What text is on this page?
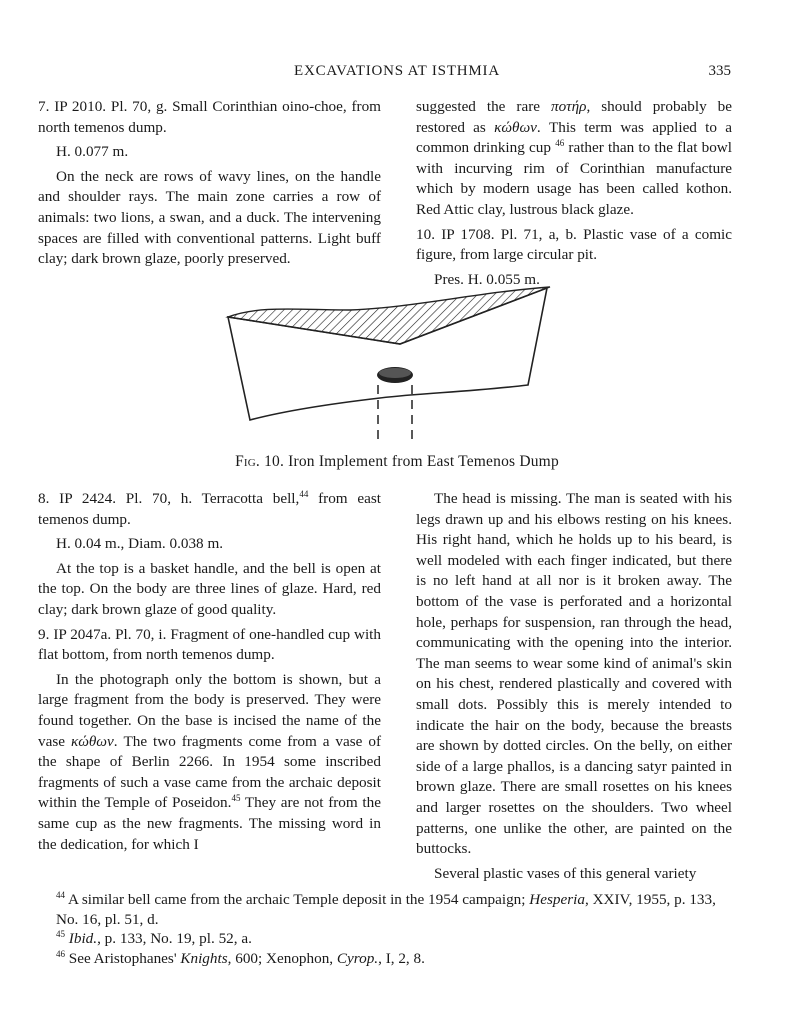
EXCAVATIONS AT ISTHMIA	335

7. IP 2010. Pl. 70, g. Small Corinthian oino-choe, from north temenos dump.

H. 0.077 m.

On the neck are rows of wavy lines, on the handle and shoulder rays. The main zone carries a row of animals: two lions, a swan, and a duck. The intervening spaces are filled with conventional patterns. Light buff clay; dark brown glaze, poorly preserved.

suggested the rare ποτήρ, should probably be restored as κώθων. This term was applied to a common drinking cup $^{46}$ rather than to the flat bowl with incurving rim of Corinthian manufacture which by modern usage has been called kothon. Red Attic clay, lustrous black glaze.

10. IP 1708. Pl. 71, a, b. Plastic vase of a comic figure, from large circular pit.

Pres. H. 0.055 m.

Fig. 10. Iron Implement from East Temenos Dump

8. IP 2424. Pl. 70, h. Terracotta bell,$^{44}$ from east temenos dump.

H. 0.04 m., Diam. 0.038 m.

At the top is a basket handle, and the bell is open at the top. On the body are three lines of glaze. Hard, red clay; dark brown glaze of good quality.

9. IP 2047a. Pl. 70, i. Fragment of one-handled cup with flat bottom, from north temenos dump.

In the photograph only the bottom is shown, but a large fragment from the body is preserved. They were found together. On the base is incised the name of the vase κώθων. The two fragments come from a vase of the shape of Berlin 2266. In 1954 some inscribed fragments of such a vase came from the archaic deposit within the Temple of Poseidon.$^{45}$ They are not from the same cup as the new fragments. The missing word in the dedication, for which I

The head is missing. The man is seated with his legs drawn up and his elbows resting on his knees. His right hand, which he holds up to his beard, is well modeled with each finger indicated, but there is no left hand at all nor is it broken away. The bottom of the vase is perforated and a horizontal hole, perhaps for suspension, ran through the head, communicating with the opening into the interior. The man seems to wear some kind of animal's skin on his chest, rendered plastically and covered with small dots. Possibly this is merely intended to indicate the hair on the body, because the breasts are shown by dotted circles. On the belly, on either side of a large phallos, is a dancing satyr painted in brown glaze. There are small rosettes on his knees and larger rosettes on the shoulders. Two wheel patterns, one unlike the other, are painted on the buttocks.

Several plastic vases of this general variety

$^{44}$ A similar bell came from the archaic Temple deposit in the 1954 campaign; Hesperia, XXIV, 1955, p. 133, No. 16, pl. 51, d.

$^{45}$ Ibid., p. 133, No. 19, pl. 52, a.

$^{46}$ See Aristophanes' Knights, 600; Xenophon, Cyrop., I, 2, 8.
